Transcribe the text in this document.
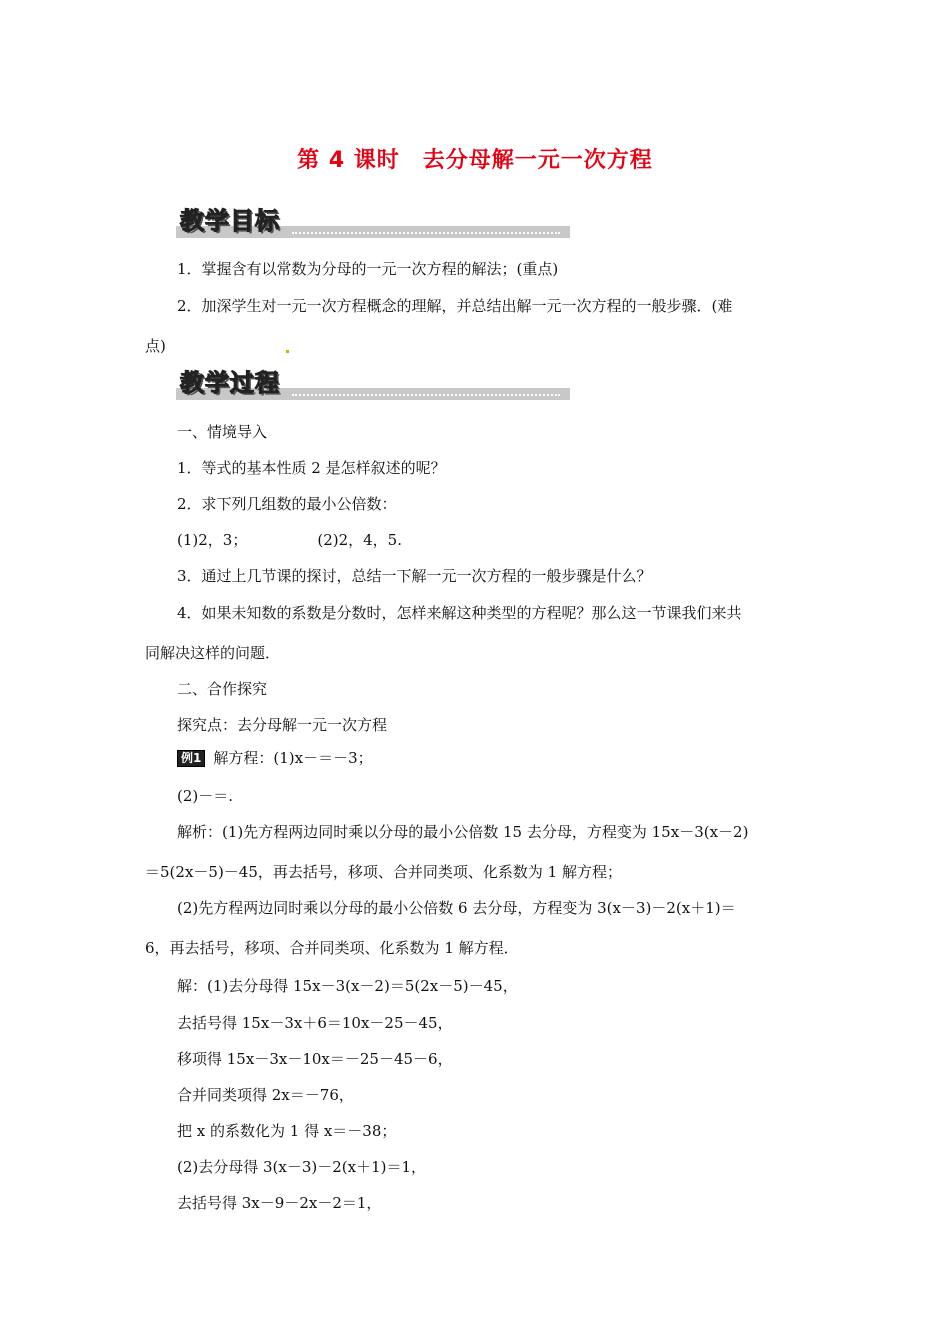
第 4 课时　去分母解一元一次方程
教学目标
1．掌握含有以常数为分母的一元一次方程的解法；(重点)
2．加深学生对一元一次方程概念的理解，并总结出解一元一次方程的一般步骤．(难
点)
教学过程
一、情境导入
1．等式的基本性质 2 是怎样叙述的呢？
2．求下列几组数的最小公倍数：
(1)2，3；	(2)2，4，5.
3．通过上几节课的探讨，总结一下解一元一次方程的一般步骤是什么？
4．如果未知数的系数是分数时，怎样来解这种类型的方程呢？那么这一节课我们来共
同解决这样的问题．
二、合作探究
探究点：去分母解一元一次方程
例1 解方程：(1)x－＝－3；
(2)－＝.
解析：(1)先方程两边同时乘以分母的最小公倍数 15 去分母，方程变为 15x－3(x－2)
＝5(2x－5)－45，再去括号，移项、合并同类项、化系数为 1 解方程；
(2)先方程两边同时乘以分母的最小公倍数 6 去分母，方程变为 3(x－3)－2(x＋1)＝
6，再去括号，移项、合并同类项、化系数为 1 解方程．
解：(1)去分母得 15x－3(x－2)＝5(2x－5)－45，
去括号得 15x－3x＋6＝10x－25－45，
移项得 15x－3x－10x＝－25－45－6，
合并同类项得 2x＝－76，
把 x 的系数化为 1 得 x＝－38；
(2)去分母得 3(x－3)－2(x＋1)＝1，
去括号得 3x－9－2x－2＝1，
